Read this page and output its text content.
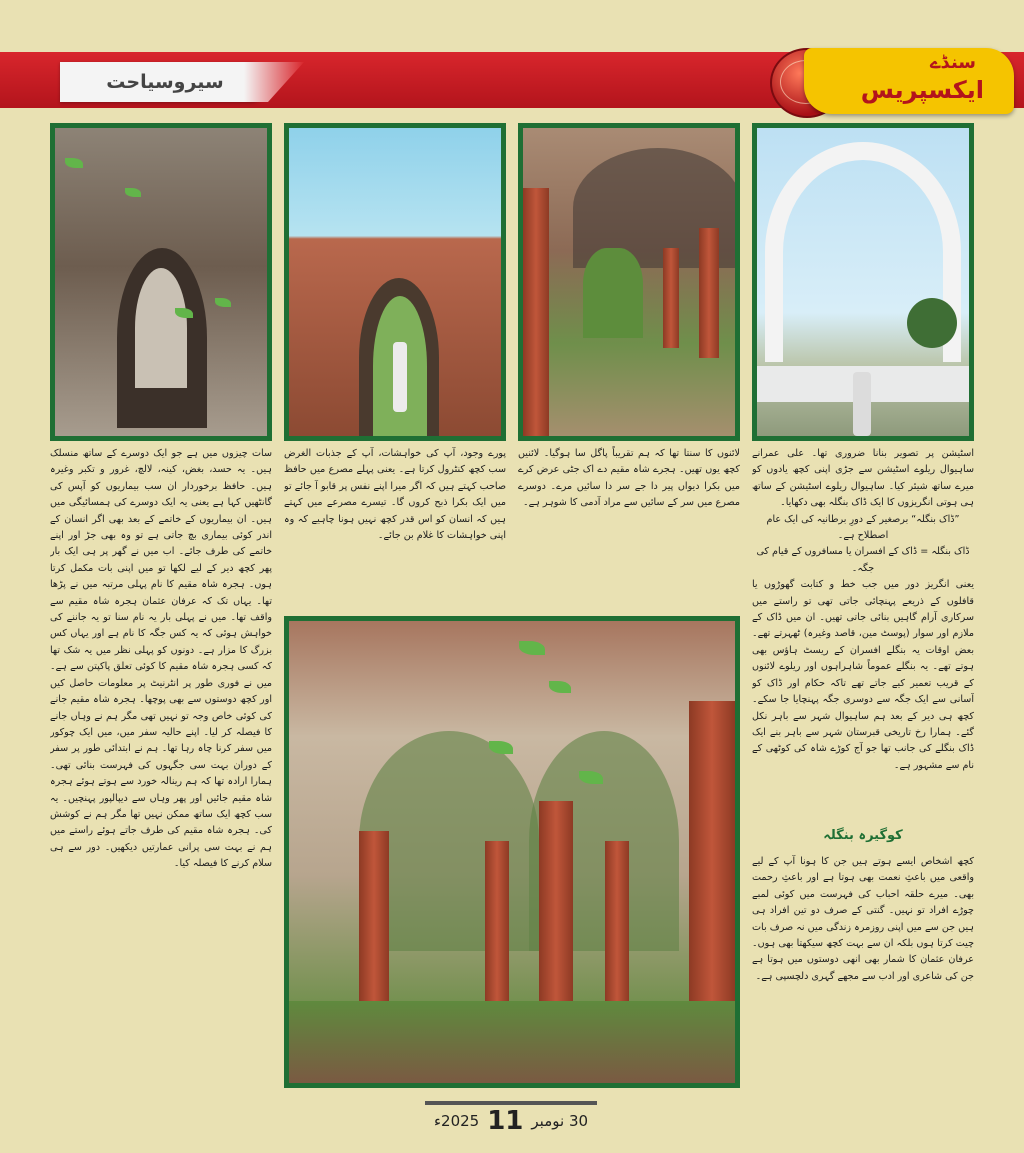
سیروسیاحت
سنڈے
ایکسپریس

اسٹیشن پر تصویر بنانا ضروری تھا۔ علی عمرانے ساہیوال ریلوے اسٹیشن سے جڑی اپنی کچھ یادوں کو میرے ساتھ شیئر کیا۔ ساہیوال ریلوے اسٹیشن کے ساتھ ہی ہوتی انگریزوں کا ایک ڈاک بنگلہ بھی دکھایا۔

”ڈاک بنگلہ“ برصغیر کے دورِ برطانیہ کی ایک عام اصطلاح ہے۔

ڈاک بنگلہ = ڈاک کے افسران یا مسافروں کے قیام کی جگہ۔

یعنی انگریز دور میں جب خط و کتابت گھوڑوں یا قافلوں کے ذریعے پہنچائی جاتی تھی تو راستے میں سرکاری آرام گاہیں بنائی جاتی تھیں۔ ان میں ڈاک کے ملازم اور سوار (پوسٹ مین، قاصد وغیرہ) ٹھہرتے تھے۔ بعض اوقات یہ بنگلے افسران کے ریسٹ ہاؤس بھی ہوتے تھے۔ یہ بنگلے عموماً شاہراہوں اور ریلوے لائنوں کے قریب تعمیر کیے جاتے تھے تاکہ حکام اور ڈاک کو آسانی سے ایک جگہ سے دوسری جگہ پہنچایا جا سکے۔ کچھ ہی دیر کے بعد ہم ساہیوال شہر سے باہر نکل گئے۔ ہمارا رخ تاریخی قبرستان شہر سے باہر بنے ایک ڈاک بنگلے کی جانب تھا جو آج کوڑے شاہ کی کوٹھی کے نام سے مشہور ہے۔

کوگیرہ بنگلہ

کچھ اشخاص ایسے ہوتے ہیں جن کا ہونا آپ کے لیے واقعی میں باعثِ نعمت بھی ہوتا ہے اور باعثِ رحمت بھی۔ میرے حلقہ احباب کی فہرست میں کوئی لمبے چوڑے افراد تو نہیں۔ گنتی کے صرف دو تین افراد ہی ہیں جن سے میں اپنی روزمرہ زندگی میں نہ صرف بات چیت کرتا ہوں بلکہ ان سے بہت کچھ سیکھتا بھی ہوں۔ عرفان عثمان کا شمار بھی انھی دوستوں میں ہوتا ہے جن کی شاعری اور ادب سے مجھے گہری دلچسپی ہے۔

لائنوں کا سنتا تھا کہ ہم تقریباً پاگل سا ہوگیا۔ لائنیں کچھ یوں تھیں۔ ہجرے شاہ مقیم دے اک جٹی عرض کرے میں بکرا دیواں پیر دا جے سر دا سائیں مرے۔ دوسرے مصرع میں سر کے سائیں سے مراد آدمی کا شوہر ہے۔

پورے وجود، آپ کی خواہشات، آپ کے جذبات الغرض سب کچھ کنٹرول کرتا ہے۔ یعنی پہلے مصرع میں حافظ صاحب کہتے ہیں کہ اگر میرا اپنے نفس پر قابو آ جائے تو میں ایک بکرا ذبح کروں گا۔ تیسرے مصرعے میں کہتے ہیں کہ انسان کو اس قدر کچھ نہیں ہونا چاہیے کہ وہ اپنی خواہشات کا غلام بن جائے۔

سات چیزوں میں ہے جو ایک دوسرے کے ساتھ منسلک ہیں۔ یہ حسد، بغض، کینہ، لالچ، غرور و تکبر وغیرہ ہیں۔ حافظ برخوردار ان سب بیماریوں کو آپس کی گانٹھیں کہا ہے یعنی یہ ایک دوسرے کی ہمسائیگی میں ہیں۔ ان بیماریوں کے خاتمے کے بعد بھی اگر انسان کے اندر کوئی بیماری بچ جاتی ہے تو وہ بھی جڑ اور اپنے خاتمے کی طرف جائے۔ اب میں نے گھر پر ہی ایک بار پھر کچھ دیر کے لیے لکھا تو میں اپنی بات مکمل کرتا ہوں۔ ہجرہ شاہ مقیم کا نام پہلی مرتبہ میں نے پڑھا تھا۔ یہاں تک کہ عرفان عثمان ہجرہ شاہ مقیم سے واقف تھا۔ میں نے پہلی بار یہ نام سنا تو یہ جاننے کی خواہش ہوئی کہ یہ کس جگہ کا نام ہے اور یہاں کس بزرگ کا مزار ہے۔ دونوں کو پہلی نظر میں یہ شک تھا کہ کسی ہجرہ شاہ مقیم کا کوئی تعلق پاکپتن سے ہے۔ میں نے فوری طور پر انٹرنیٹ پر معلومات حاصل کیں اور کچھ دوستوں سے بھی پوچھا۔ ہجرہ شاہ مقیم جانے کی کوئی خاص وجہ تو نہیں تھی مگر ہم نے وہاں جانے کا فیصلہ کر لیا۔ اپنے حالیہ سفر میں، میں ایک چوکور میں سفر کرنا چاہ رہا تھا۔ ہم نے ابتدائی طور پر سفر کے دوران بہت سی جگہوں کی فہرست بنائی تھی۔ ہمارا ارادہ تھا کہ ہم رینالہ خورد سے ہوتے ہوئے ہجرہ شاہ مقیم جائیں اور پھر وہاں سے دیپالپور پہنچیں۔ یہ سب کچھ ایک ساتھ ممکن نہیں تھا مگر ہم نے کوشش کی۔ ہجرہ شاہ مقیم کی طرف جاتے ہوئے راستے میں ہم نے بہت سی پرانی عمارتیں دیکھیں۔ دور سے ہی سلام کرنے کا فیصلہ کیا۔

30 نومبر
11
2025ء
